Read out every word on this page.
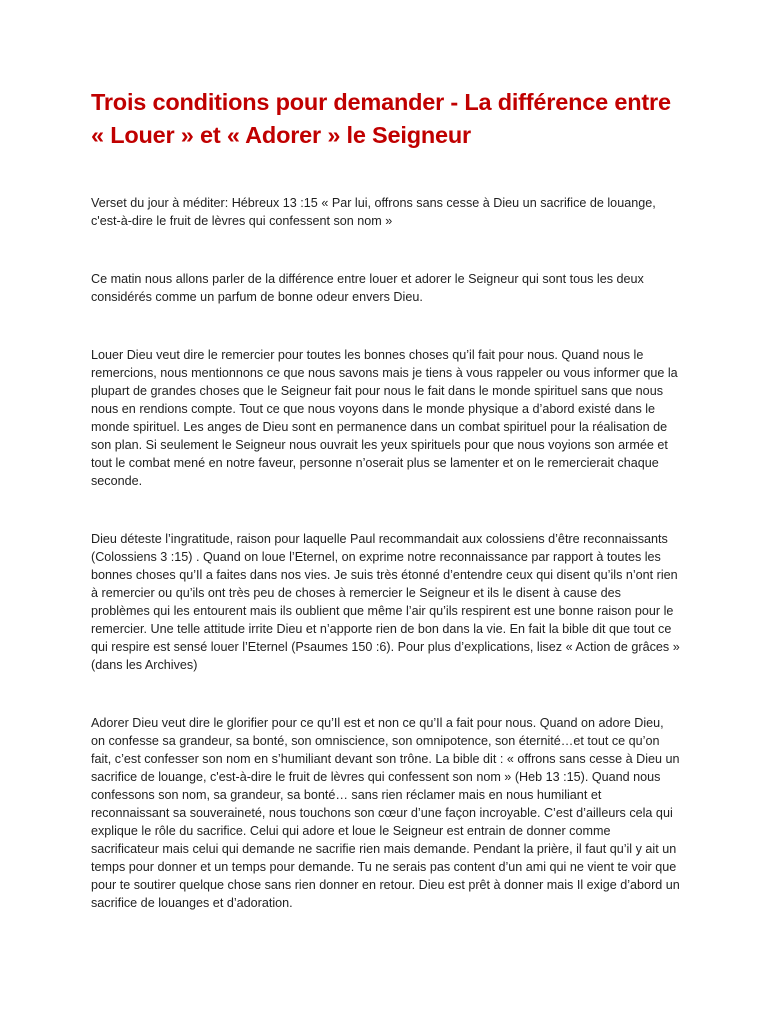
Trois conditions pour demander - La différence entre « Louer » et « Adorer » le Seigneur

Verset du jour à méditer: Hébreux 13 :15 « Par lui, offrons sans cesse à Dieu un sacrifice de louange, c'est-à-dire le fruit de lèvres qui confessent son nom »

Ce matin nous allons parler de la différence entre louer et adorer le Seigneur qui sont tous les deux considérés comme un parfum de bonne odeur envers Dieu.

Louer Dieu veut dire le remercier pour toutes les bonnes choses qu’il fait pour nous. Quand nous le remercions, nous mentionnons ce que nous savons mais je tiens à vous rappeler ou vous informer que la plupart de grandes choses que le Seigneur fait pour nous le fait dans le monde spirituel sans que nous nous en rendions compte. Tout ce que nous voyons dans le monde physique a d’abord existé dans le monde spirituel. Les anges de Dieu sont en permanence dans un combat spirituel pour la réalisation de son plan. Si seulement le Seigneur nous ouvrait les yeux spirituels pour que nous voyions son armée et tout le combat mené en notre faveur, personne n’oserait plus se lamenter et on le remercierait chaque seconde.

Dieu déteste l’ingratitude, raison pour laquelle Paul recommandait aux colossiens d’être reconnaissants (Colossiens 3 :15) . Quand on loue l’Eternel, on exprime notre reconnaissance par rapport à toutes les bonnes choses qu’Il a faites dans nos vies. Je suis très étonné d’entendre ceux qui disent qu’ils n’ont rien à remercier ou qu’ils ont très peu de choses à remercier le Seigneur et ils le disent à cause des problèmes qui les entourent mais ils oublient que même l’air qu’ils respirent est une bonne raison pour le remercier. Une telle attitude irrite Dieu et n’apporte rien de bon dans la vie. En fait la bible dit que tout ce qui respire est sensé louer l’Eternel (Psaumes 150 :6). Pour plus d’explications, lisez « Action de grâces » (dans les Archives)

Adorer Dieu veut dire le glorifier pour ce qu’Il est et non ce qu’Il a fait pour nous. Quand on adore Dieu, on confesse sa grandeur, sa bonté, son omniscience, son omnipotence, son éternité…et tout ce qu’on fait, c’est confesser son nom en s’humiliant devant son trône. La bible dit : « offrons sans cesse à Dieu un sacrifice de louange, c'est-à-dire le fruit de lèvres qui confessent son nom » (Heb 13 :15). Quand nous confessons son nom, sa grandeur, sa bonté… sans rien réclamer mais en nous humiliant et reconnaissant sa souveraineté, nous touchons son cœur d’une façon incroyable. C’est d’ailleurs cela qui explique le rôle du sacrifice. Celui qui adore et loue le Seigneur est entrain de donner comme sacrificateur mais celui qui demande ne sacrifie rien mais demande. Pendant la prière, il faut qu’il y ait un temps pour donner et un temps pour demande. Tu ne serais pas content d’un ami qui ne vient te voir que pour te soutirer quelque chose sans rien donner en retour. Dieu est prêt à donner mais Il exige d’abord un sacrifice de louanges et d’adoration.
